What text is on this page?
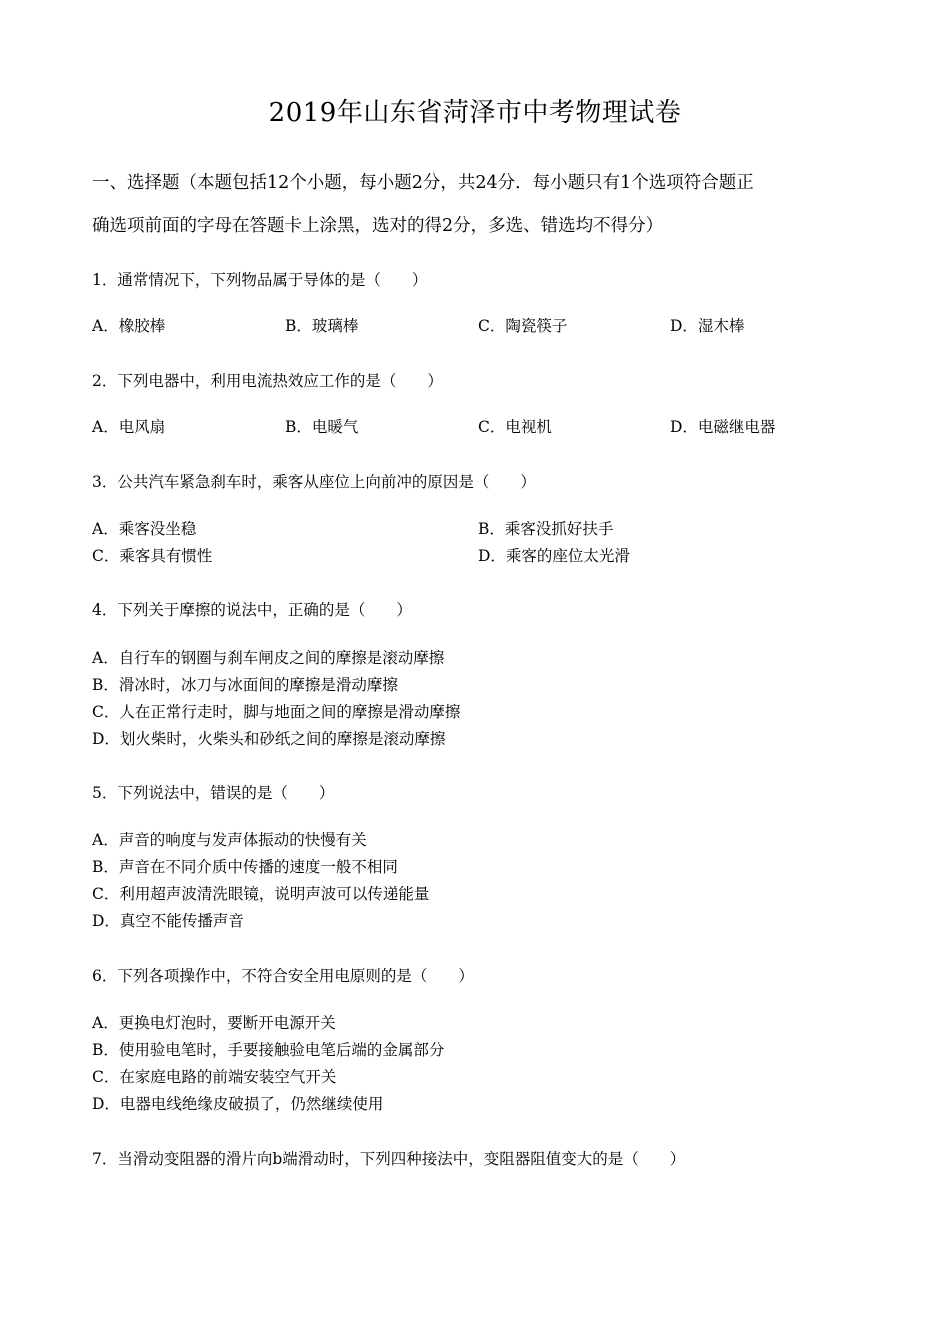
2019年山东省菏泽市中考物理试卷

一、选择题（本题包括12个小题，每小题2分，共24分．每小题只有1个选项符合题正

确选项前面的字母在答题卡上涂黑，选对的得2分，多选、错选均不得分）

1．通常情况下，下列物品属于导体的是（　　）

A．橡胶棒	B．玻璃棒	C．陶瓷筷子	D．湿木棒

2．下列电器中，利用电流热效应工作的是（　　）

A．电风扇	B．电暖气	C．电视机	D．电磁继电器

3．公共汽车紧急刹车时，乘客从座位上向前冲的原因是（　　）

A．乘客没坐稳	B．乘客没抓好扶手
C．乘客具有惯性	D．乘客的座位太光滑

4．下列关于摩擦的说法中，正确的是（　　）

A．自行车的钢圈与刹车闸皮之间的摩擦是滚动摩擦
B．滑冰时，冰刀与冰面间的摩擦是滑动摩擦
C．人在正常行走时，脚与地面之间的摩擦是滑动摩擦
D．划火柴时，火柴头和砂纸之间的摩擦是滚动摩擦

5．下列说法中，错误的是（　　）

A．声音的响度与发声体振动的快慢有关
B．声音在不同介质中传播的速度一般不相同
C．利用超声波清洗眼镜，说明声波可以传递能量
D．真空不能传播声音

6．下列各项操作中，不符合安全用电原则的是（　　）

A．更换电灯泡时，要断开电源开关
B．使用验电笔时，手要接触验电笔后端的金属部分
C．在家庭电路的前端安装空气开关
D．电器电线绝缘皮破损了，仍然继续使用

7．当滑动变阻器的滑片向b端滑动时，下列四种接法中，变阻器阻值变大的是（　　）
